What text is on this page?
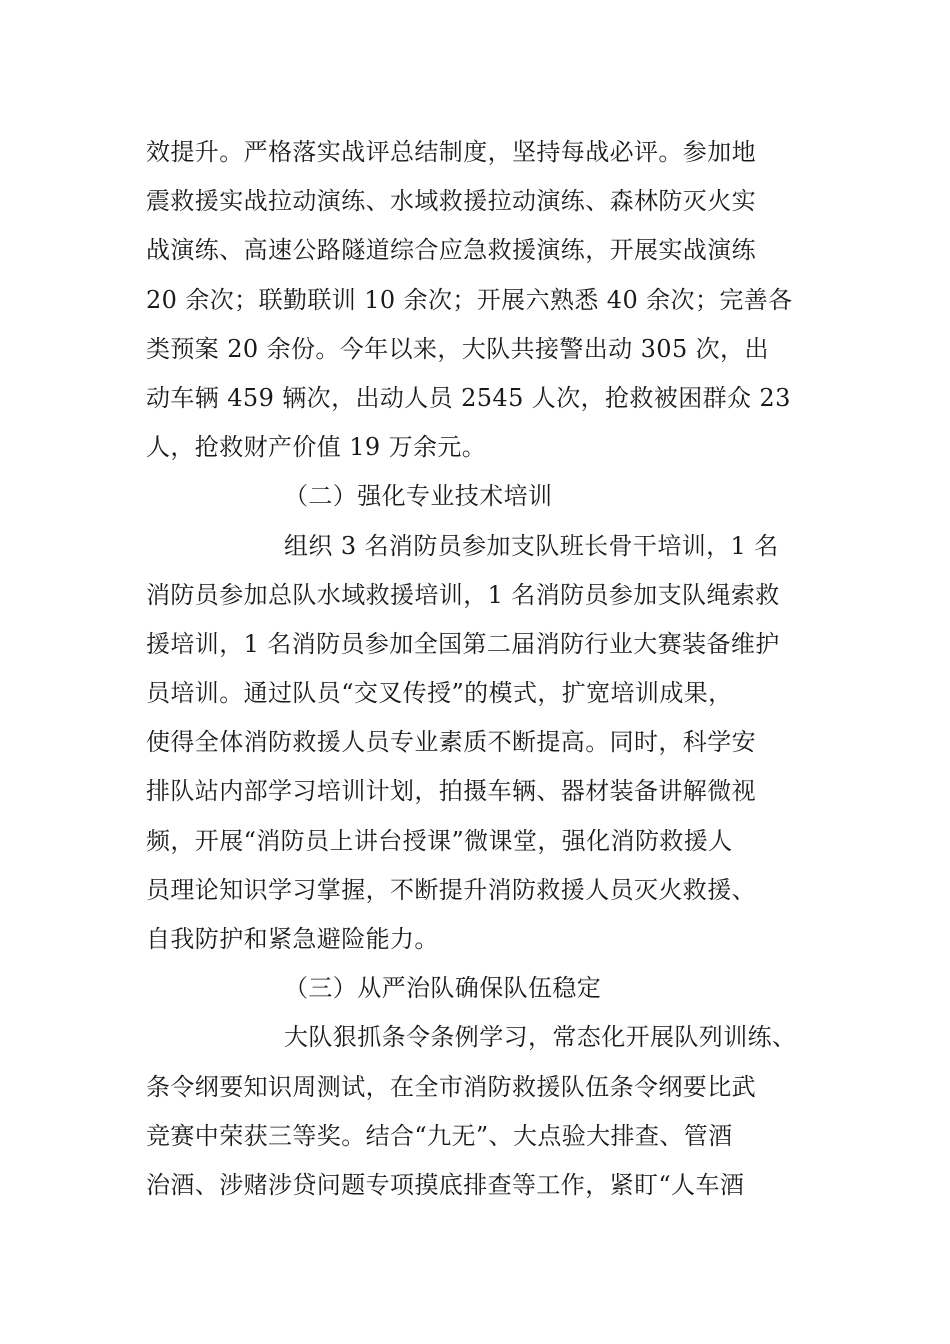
效提升。严格落实战评总结制度，坚持每战必评。参加地
震救援实战拉动演练、水域救援拉动演练、森林防灭火实
战演练、高速公路隧道综合应急救援演练，开展实战演练
20 余次；联勤联训 10 余次；开展六熟悉 40 余次；完善各
类预案 20 余份。今年以来，大队共接警出动 305 次，出
动车辆 459 辆次，出动人员 2545 人次，抢救被困群众 23
人，抢救财产价值 19 万余元。
（二）强化专业技术培训
组织 3 名消防员参加支队班长骨干培训，1 名
消防员参加总队水域救援培训，1 名消防员参加支队绳索救
援培训，1 名消防员参加全国第二届消防行业大赛装备维护
员培训。通过队员“交叉传授”的模式，扩宽培训成果，
使得全体消防救援人员专业素质不断提高。同时，科学安
排队站内部学习培训计划，拍摄车辆、器材装备讲解微视
频，开展“消防员上讲台授课”微课堂，强化消防救援人
员理论知识学习掌握，不断提升消防救援人员灭火救援、
自我防护和紧急避险能力。
（三）从严治队确保队伍稳定
大队狠抓条令条例学习，常态化开展队列训练、
条令纲要知识周测试，在全市消防救援队伍条令纲要比武
竞赛中荣获三等奖。结合“九无”、大点验大排查、管酒
治酒、涉赌涉贷问题专项摸底排查等工作，紧盯“人车酒
